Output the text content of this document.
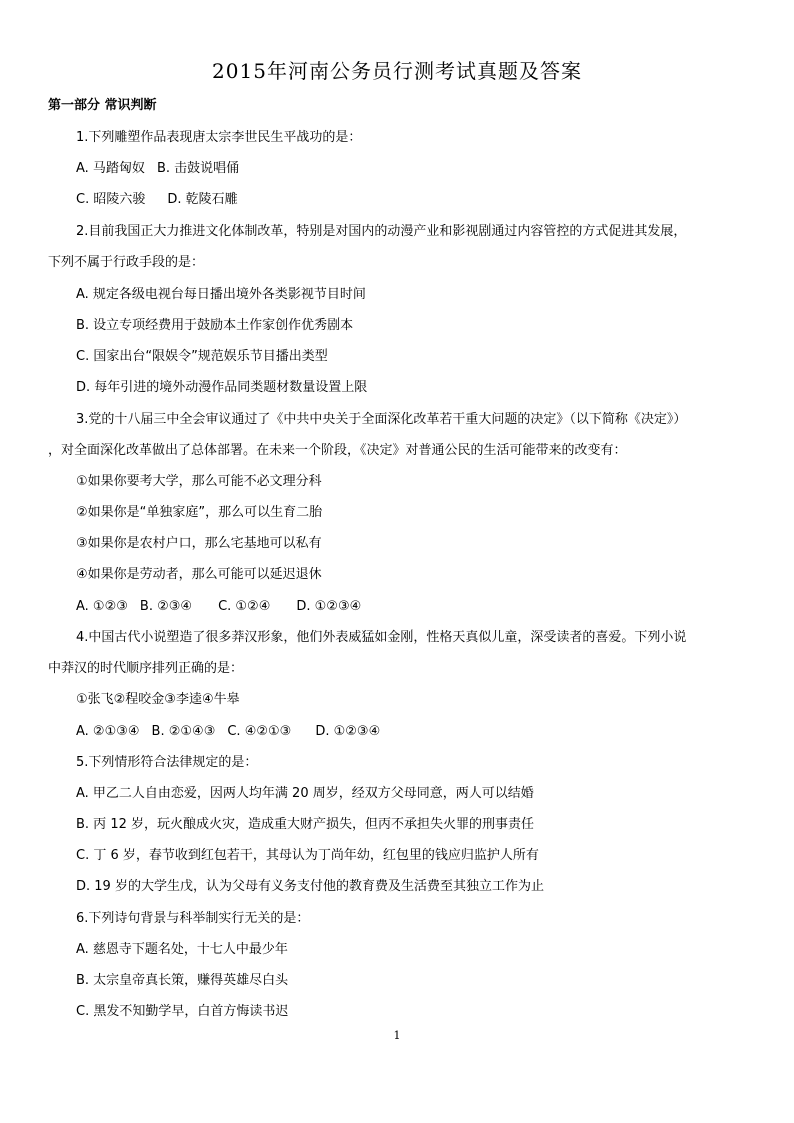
2015年河南公务员行测考试真题及答案
第一部分 常识判断
1.下列雕塑作品表现唐太宗李世民生平战功的是：
A. 马踏匈奴 B. 击鼓说唱俑
C. 昭陵六骏 D. 乾陵石雕
2.目前我国正大力推进文化体制改革，特别是对国内的动漫产业和影视剧通过内容管控的方式促进其发展，
下列不属于行政手段的是：
A. 规定各级电视台每日播出境外各类影视节目时间
B. 设立专项经费用于鼓励本土作家创作优秀剧本
C. 国家出台“限娱令”规范娱乐节目播出类型
D. 每年引进的境外动漫作品同类题材数量设置上限
3.党的十八届三中全会审议通过了《中共中央关于全面深化改革若干重大问题的决定》（以下简称《决定》）
，对全面深化改革做出了总体部署。在未来一个阶段，《决定》对普通公民的生活可能带来的改变有：
①如果你要考大学，那么可能不必文理分科
②如果你是“单独家庭”，那么可以生育二胎
③如果你是农村户口，那么宅基地可以私有
④如果你是劳动者，那么可能可以延迟退休
A. ①②③ B. ②③④ C. ①②④ D. ①②③④
4.中国古代小说塑造了很多莽汉形象，他们外表威猛如金刚，性格天真似儿童，深受读者的喜爱。下列小说
中莽汉的时代顺序排列正确的是：
①张飞②程咬金③李逵④牛皋
A. ②①③④ B. ②①④③ C. ④②①③ D. ①②③④
5.下列情形符合法律规定的是：
A. 甲乙二人自由恋爱，因两人均年满 20 周岁，经双方父母同意，两人可以结婚
B. 丙 12 岁，玩火酿成火灾，造成重大财产损失，但丙不承担失火罪的刑事责任
C. 丁 6 岁，春节收到红包若干，其母认为丁尚年幼，红包里的钱应归监护人所有
D. 19 岁的大学生戊，认为父母有义务支付他的教育费及生活费至其独立工作为止
6.下列诗句背景与科举制实行无关的是：
A. 慈恩寺下题名处，十七人中最少年
B. 太宗皇帝真长策，赚得英雄尽白头
C. 黑发不知勤学早，白首方悔读书迟
1
